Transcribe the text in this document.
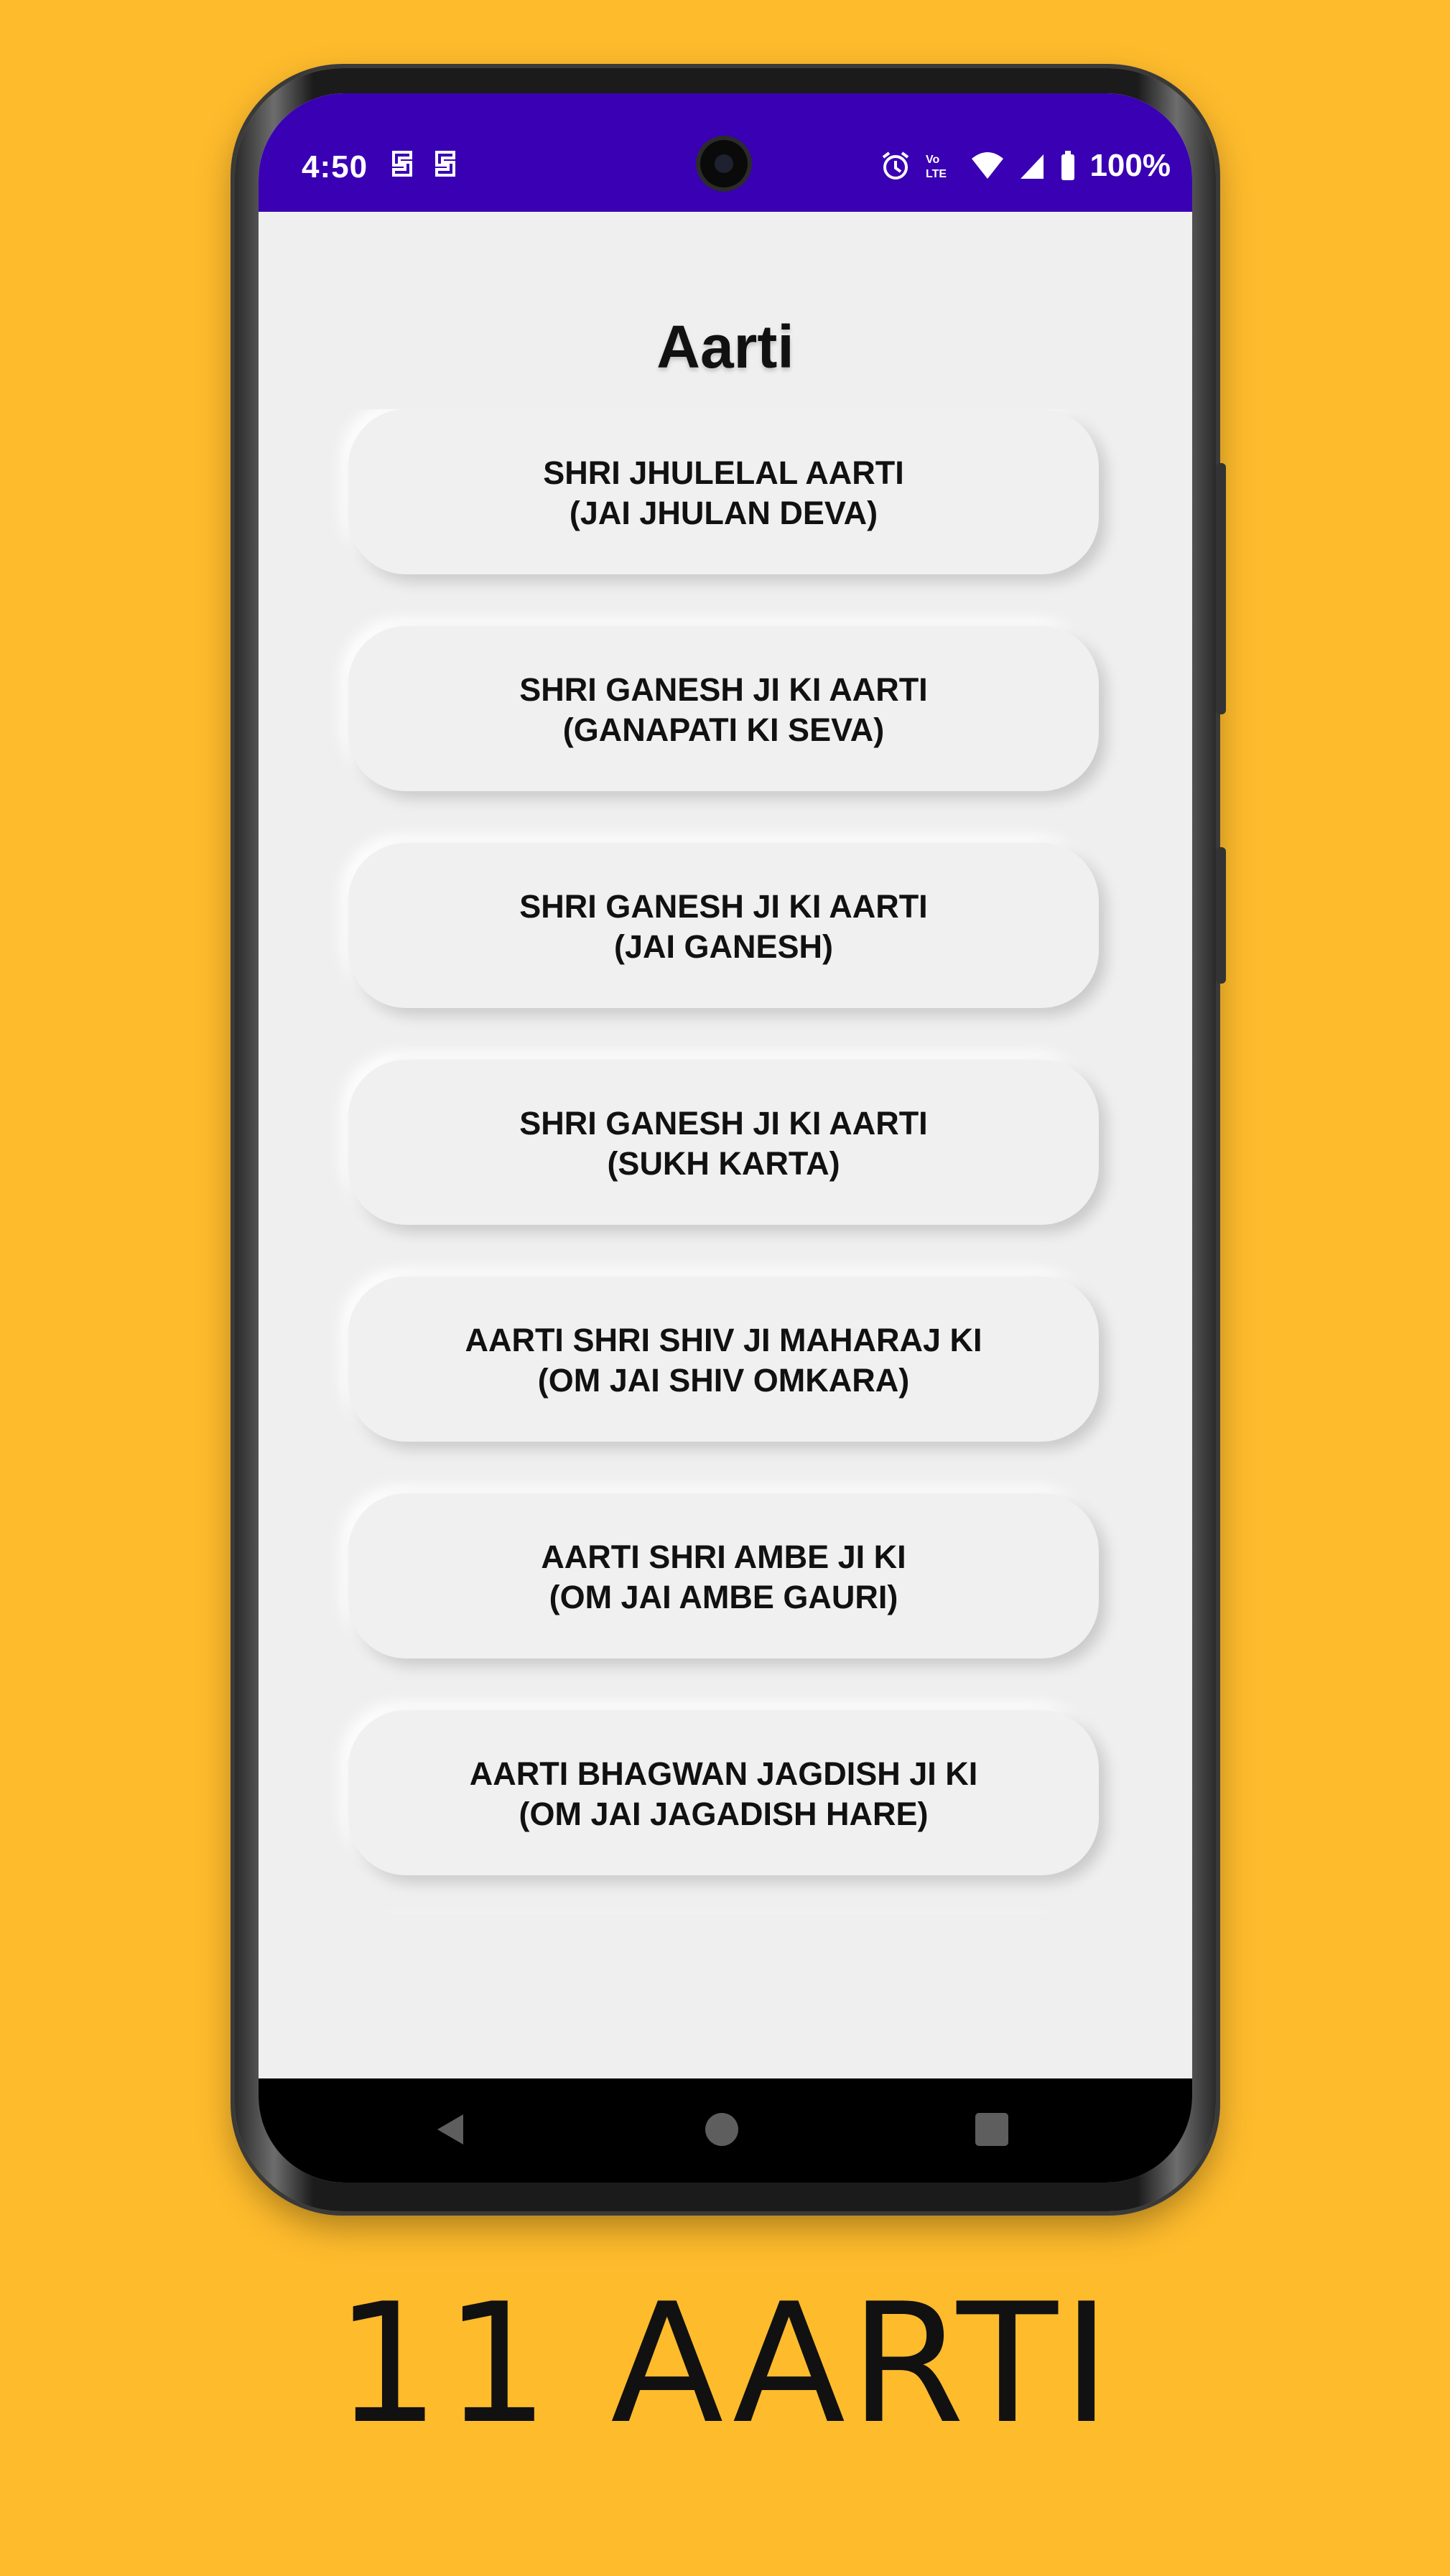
4:50	Vo
LTE	100%
Aarti
SHRI JHULELAL AARTI
(JAI JHULAN DEVA)
SHRI GANESH JI KI AARTI
(GANAPATI KI SEVA)
SHRI GANESH JI KI AARTI
(JAI GANESH)
SHRI GANESH JI KI AARTI
(SUKH KARTA)
AARTI SHRI SHIV JI MAHARAJ KI
(OM JAI SHIV OMKARA)
AARTI SHRI AMBE JI KI
(OM JAI AMBE GAURI)
AARTI BHAGWAN JAGDISH JI KI
(OM JAI JAGADISH HARE)
11 AARTI
